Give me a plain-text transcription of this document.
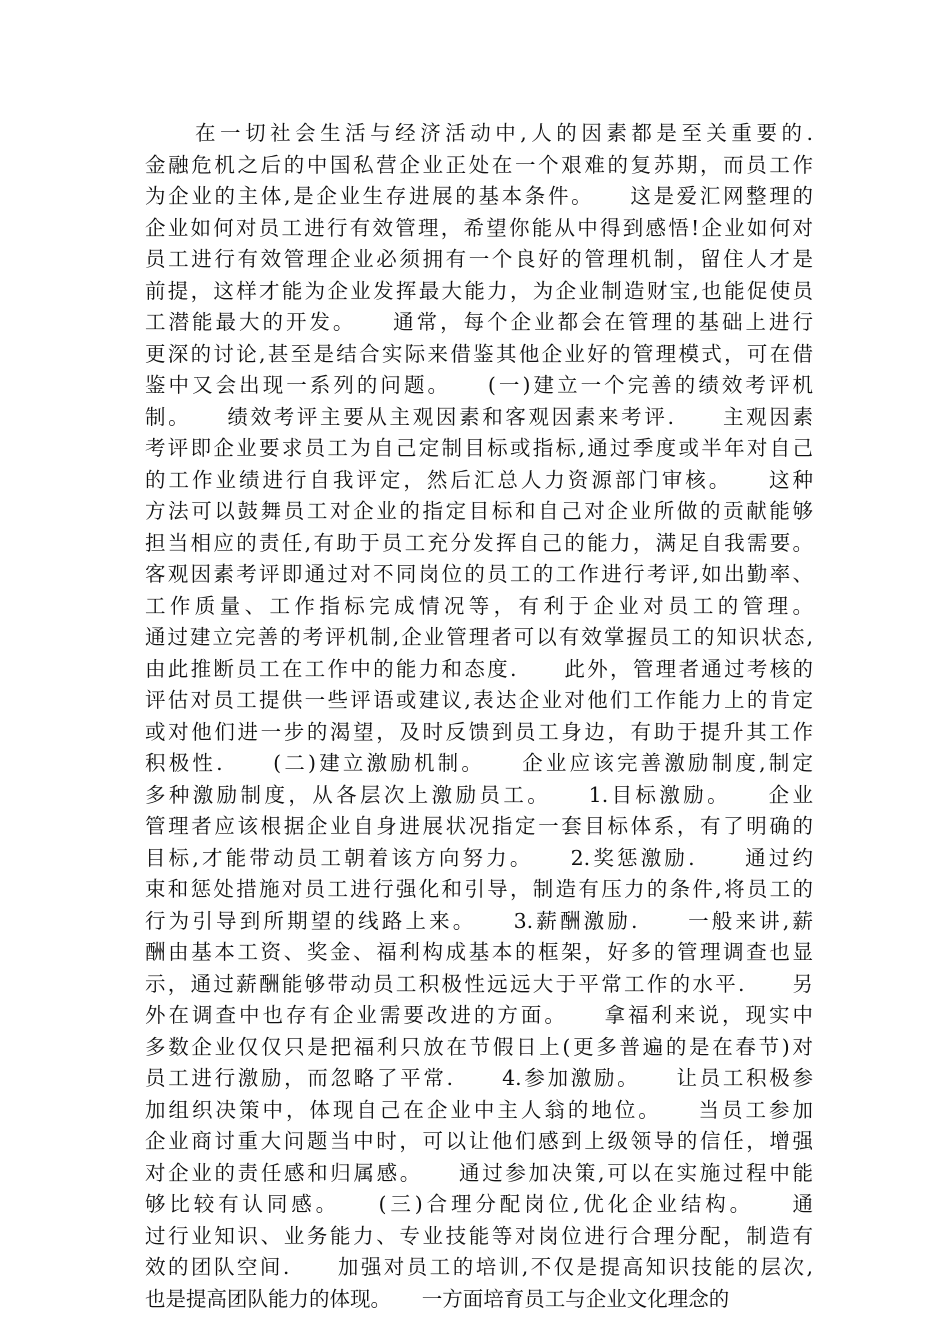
　　在一切社会生活与经济活动中,人的因素都是至关重要的.
金融危机之后的中国私营企业正处在一个艰难的复苏期，而员工作
为企业的主体,是企业生存进展的基本条件。　　这是爱汇网整理的
企业如何对员工进行有效管理，希望你能从中得到感悟!企业如何对
员工进行有效管理企业必须拥有一个良好的管理机制，留住人才是
前提，这样才能为企业发挥最大能力，为企业制造财宝,也能促使员
工潜能最大的开发。　　通常，每个企业都会在管理的基础上进行
更深的讨论,甚至是结合实际来借鉴其他企业好的管理模式，可在借
鉴中又会出现一系列的问题。　　(一)建立一个完善的绩效考评机
制。　　绩效考评主要从主观因素和客观因素来考评.　　主观因素
考评即企业要求员工为自己定制目标或指标,通过季度或半年对自己
的工作业绩进行自我评定，然后汇总人力资源部门审核。　　这种
方法可以鼓舞员工对企业的指定目标和自己对企业所做的贡献能够
担当相应的责任,有助于员工充分发挥自己的能力，满足自我需要。
客观因素考评即通过对不同岗位的员工的工作进行考评,如出勤率、
工作质量、工作指标完成情况等，有利于企业对员工的管理。
通过建立完善的考评机制,企业管理者可以有效掌握员工的知识状态,
由此推断员工在工作中的能力和态度.　　此外，管理者通过考核的
评估对员工提供一些评语或建议,表达企业对他们工作能力上的肯定
或对他们进一步的渴望，及时反馈到员工身边，有助于提升其工作
积极性.　　(二)建立激励机制。　　企业应该完善激励制度,制定
多种激励制度，从各层次上激励员工。　　1.目标激励。　　企业
管理者应该根据企业自身进展状况指定一套目标体系，有了明确的
目标,才能带动员工朝着该方向努力。　　2.奖惩激励.　　通过约
束和惩处措施对员工进行强化和引导，制造有压力的条件,将员工的
行为引导到所期望的线路上来。　　3.薪酬激励.　　一般来讲,薪
酬由基本工资、奖金、福利构成基本的框架，好多的管理调查也显
示，通过薪酬能够带动员工积极性远远大于平常工作的水平.　　另
外在调查中也存有企业需要改进的方面。　　拿福利来说，现实中
多数企业仅仅只是把福利只放在节假日上(更多普遍的是在春节)对
员工进行激励，而忽略了平常.　　4.参加激励。　　让员工积极参
加组织决策中，体现自己在企业中主人翁的地位。　　当员工参加
企业商讨重大问题当中时，可以让他们感到上级领导的信任，增强
对企业的责任感和归属感。　　通过参加决策,可以在实施过程中能
够比较有认同感。　　(三)合理分配岗位,优化企业结构。　　通
过行业知识、业务能力、专业技能等对岗位进行合理分配，制造有
效的团队空间.　　加强对员工的培训,不仅是提高知识技能的层次,
也是提高团队能力的体现。　　一方面培育员工与企业文化理念的
